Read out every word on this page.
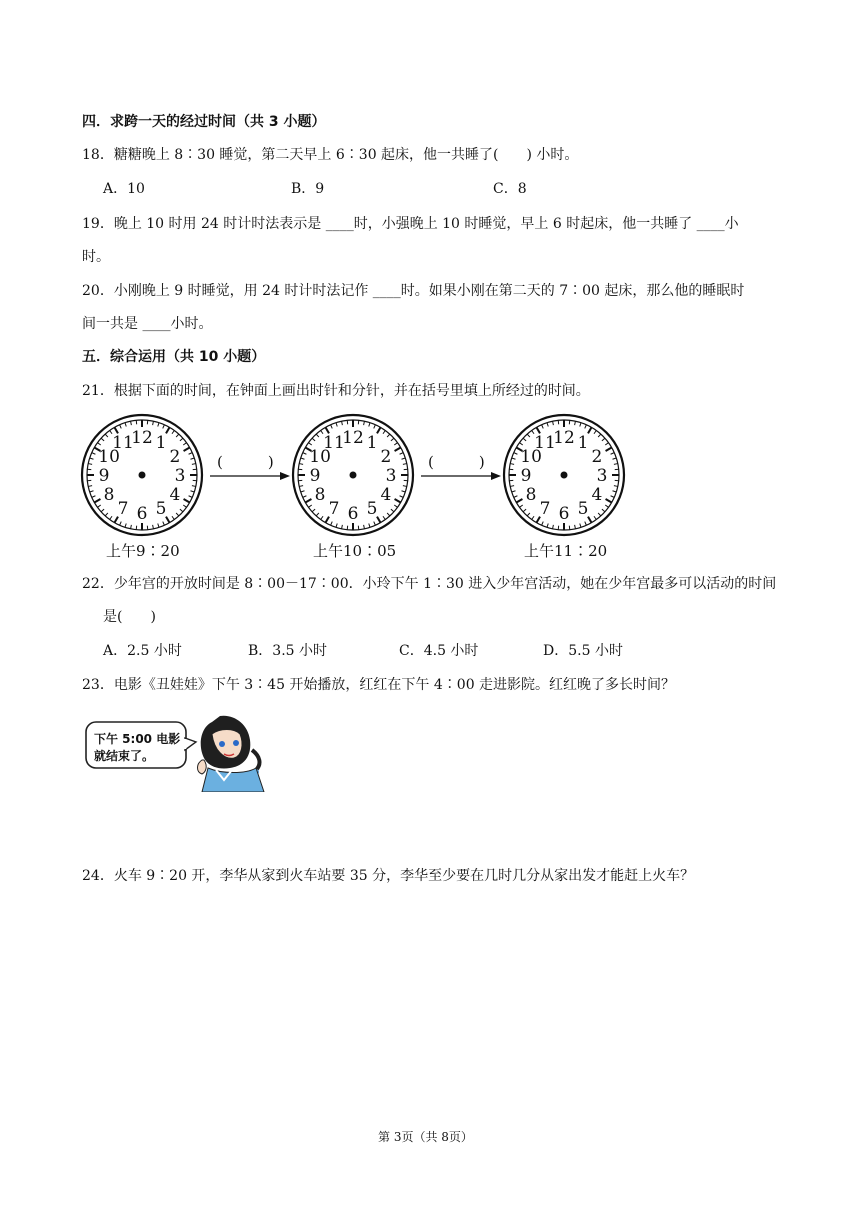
四．求跨一天的经过时间（共 3 小题）
18．糖糖晚上 8∶30 睡觉，第二天早上 6∶30 起床，他一共睡了(　　) 小时。
A．10	B．9	C．8
19．晚上 10 时用 24 时计时法表示是 ____时，小强晚上 10 时睡觉，早上 6 时起床，他一共睡了 ____小
时。
20．小刚晚上 9 时睡觉，用 24 时计时法记作 ____时。如果小刚在第二天的 7∶00 起床，那么他的睡眠时
间一共是 ____小时。
五．综合运用（共 10 小题）
21．根据下面的时间，在钟面上画出时针和分针，并在括号里填上所经过的时间。
12 1
2
3
4
5
6
7
8
9
10
11	12 1
2
3
4
5
6
7
8
9
10
11	12 1
2
3
4
5
6
7
8
9
10
11
(　　　)	(　　　)
上午9∶20	上午10∶05	上午11∶20
22．少年宫的开放时间是 8∶00－17∶00．小玲下午 1∶30 进入少年宫活动，她在少年宫最多可以活动的时间
是(　　)
A．2.5 小时	B．3.5 小时	C．4.5 小时	D．5.5 小时
23．电影《丑娃娃》下午 3∶45 开始播放，红红在下午 4∶00 走进影院。红红晚了多长时间？
下午 5:00 电影
就结束了。
24．火车 9∶20 开，李华从家到火车站要 35 分，李华至少要在几时几分从家出发才能赶上火车？
第 3页（共 8页）
